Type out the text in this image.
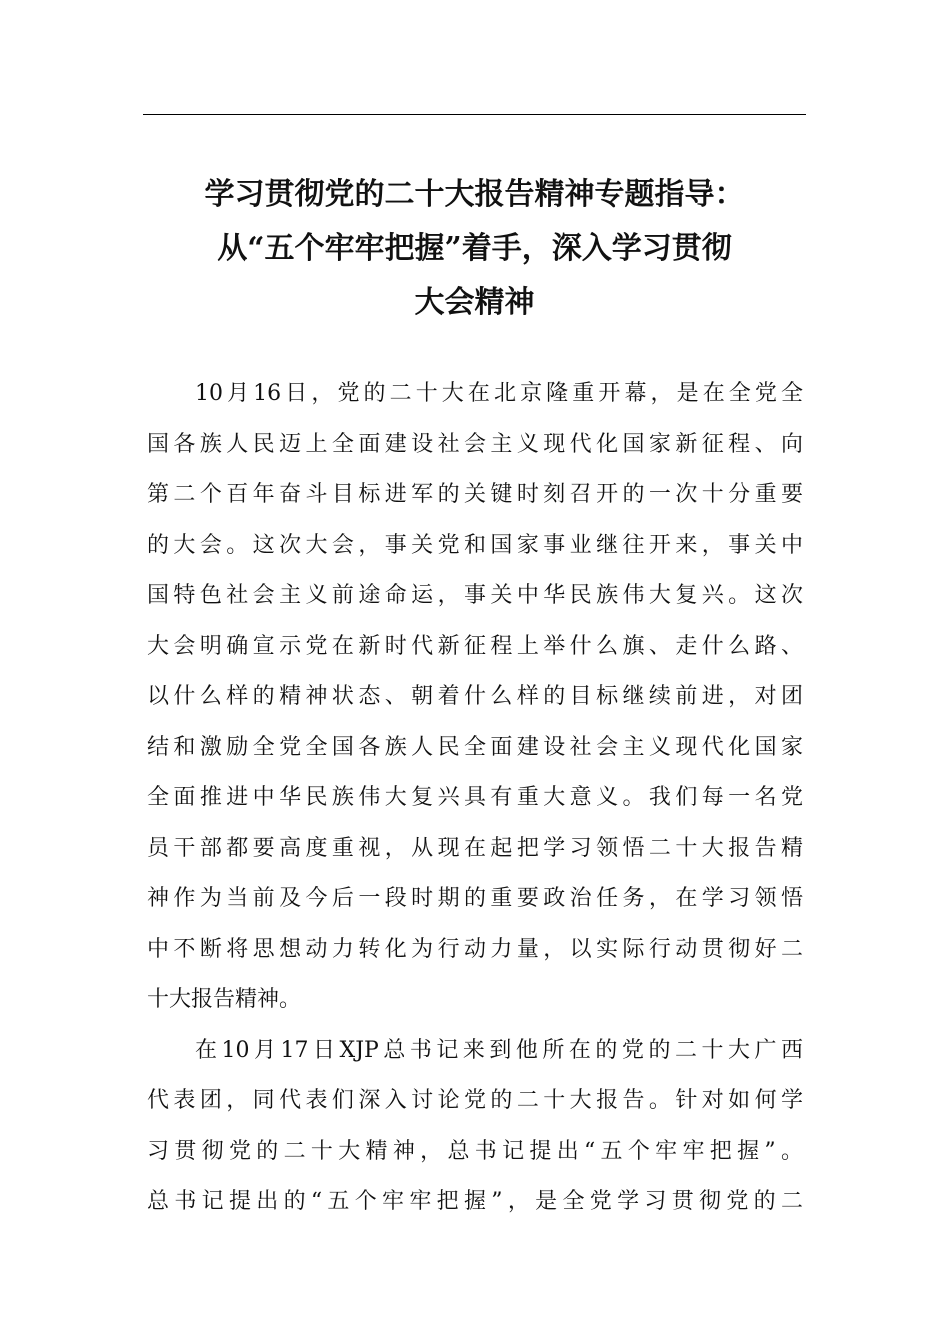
学习贯彻党的二十大报告精神专题指导：
从“五个牢牢把握”着手，深入学习贯彻
大会精神
10月16日，党的二十大在北京隆重开幕，是在全党全
国各族人民迈上全面建设社会主义现代化国家新征程、向
第二个百年奋斗目标进军的关键时刻召开的一次十分重要
的大会。这次大会，事关党和国家事业继往开来，事关中
国特色社会主义前途命运，事关中华民族伟大复兴。这次
大会明确宣示党在新时代新征程上举什么旗、走什么路、
以什么样的精神状态、朝着什么样的目标继续前进，对团
结和激励全党全国各族人民全面建设社会主义现代化国家
全面推进中华民族伟大复兴具有重大意义。我们每一名党
员干部都要高度重视，从现在起把学习领悟二十大报告精
神作为当前及今后一段时期的重要政治任务，在学习领悟
中不断将思想动力转化为行动力量，以实际行动贯彻好二
十大报告精神。
在10月17日XJP总书记来到他所在的党的二十大广西
代表团，同代表们深入讨论党的二十大报告。针对如何学
习贯彻党的二十大精神，总书记提出“五个牢牢把握”。
总书记提出的“五个牢牢把握”，是全党学习贯彻党的二
